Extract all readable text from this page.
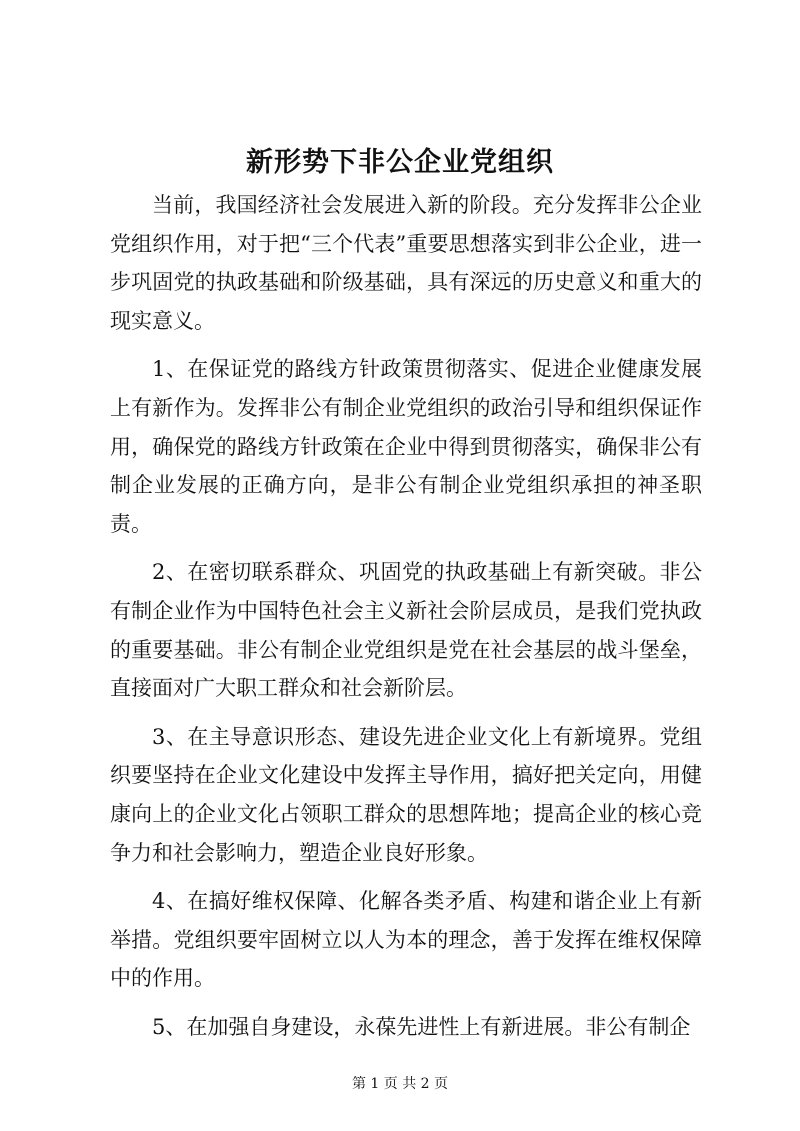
新形势下非公企业党组织

当前，我国经济社会发展进入新的阶段。充分发挥非公企业党组织作用，对于把“三个代表”重要思想落实到非公企业，进一步巩固党的执政基础和阶级基础，具有深远的历史意义和重大的现实意义。

1、在保证党的路线方针政策贯彻落实、促进企业健康发展上有新作为。发挥非公有制企业党组织的政治引导和组织保证作用，确保党的路线方针政策在企业中得到贯彻落实，确保非公有制企业发展的正确方向，是非公有制企业党组织承担的神圣职责。

2、在密切联系群众、巩固党的执政基础上有新突破。非公有制企业作为中国特色社会主义新社会阶层成员，是我们党执政的重要基础。非公有制企业党组织是党在社会基层的战斗堡垒，直接面对广大职工群众和社会新阶层。

3、在主导意识形态、建设先进企业文化上有新境界。党组织要坚持在企业文化建设中发挥主导作用，搞好把关定向，用健康向上的企业文化占领职工群众的思想阵地；提高企业的核心竞争力和社会影响力，塑造企业良好形象。

4、在搞好维权保障、化解各类矛盾、构建和谐企业上有新举措。党组织要牢固树立以人为本的理念，善于发挥在维权保障中的作用。

5、在加强自身建设，永葆先进性上有新进展。非公有制企

第 1 页 共 2 页
